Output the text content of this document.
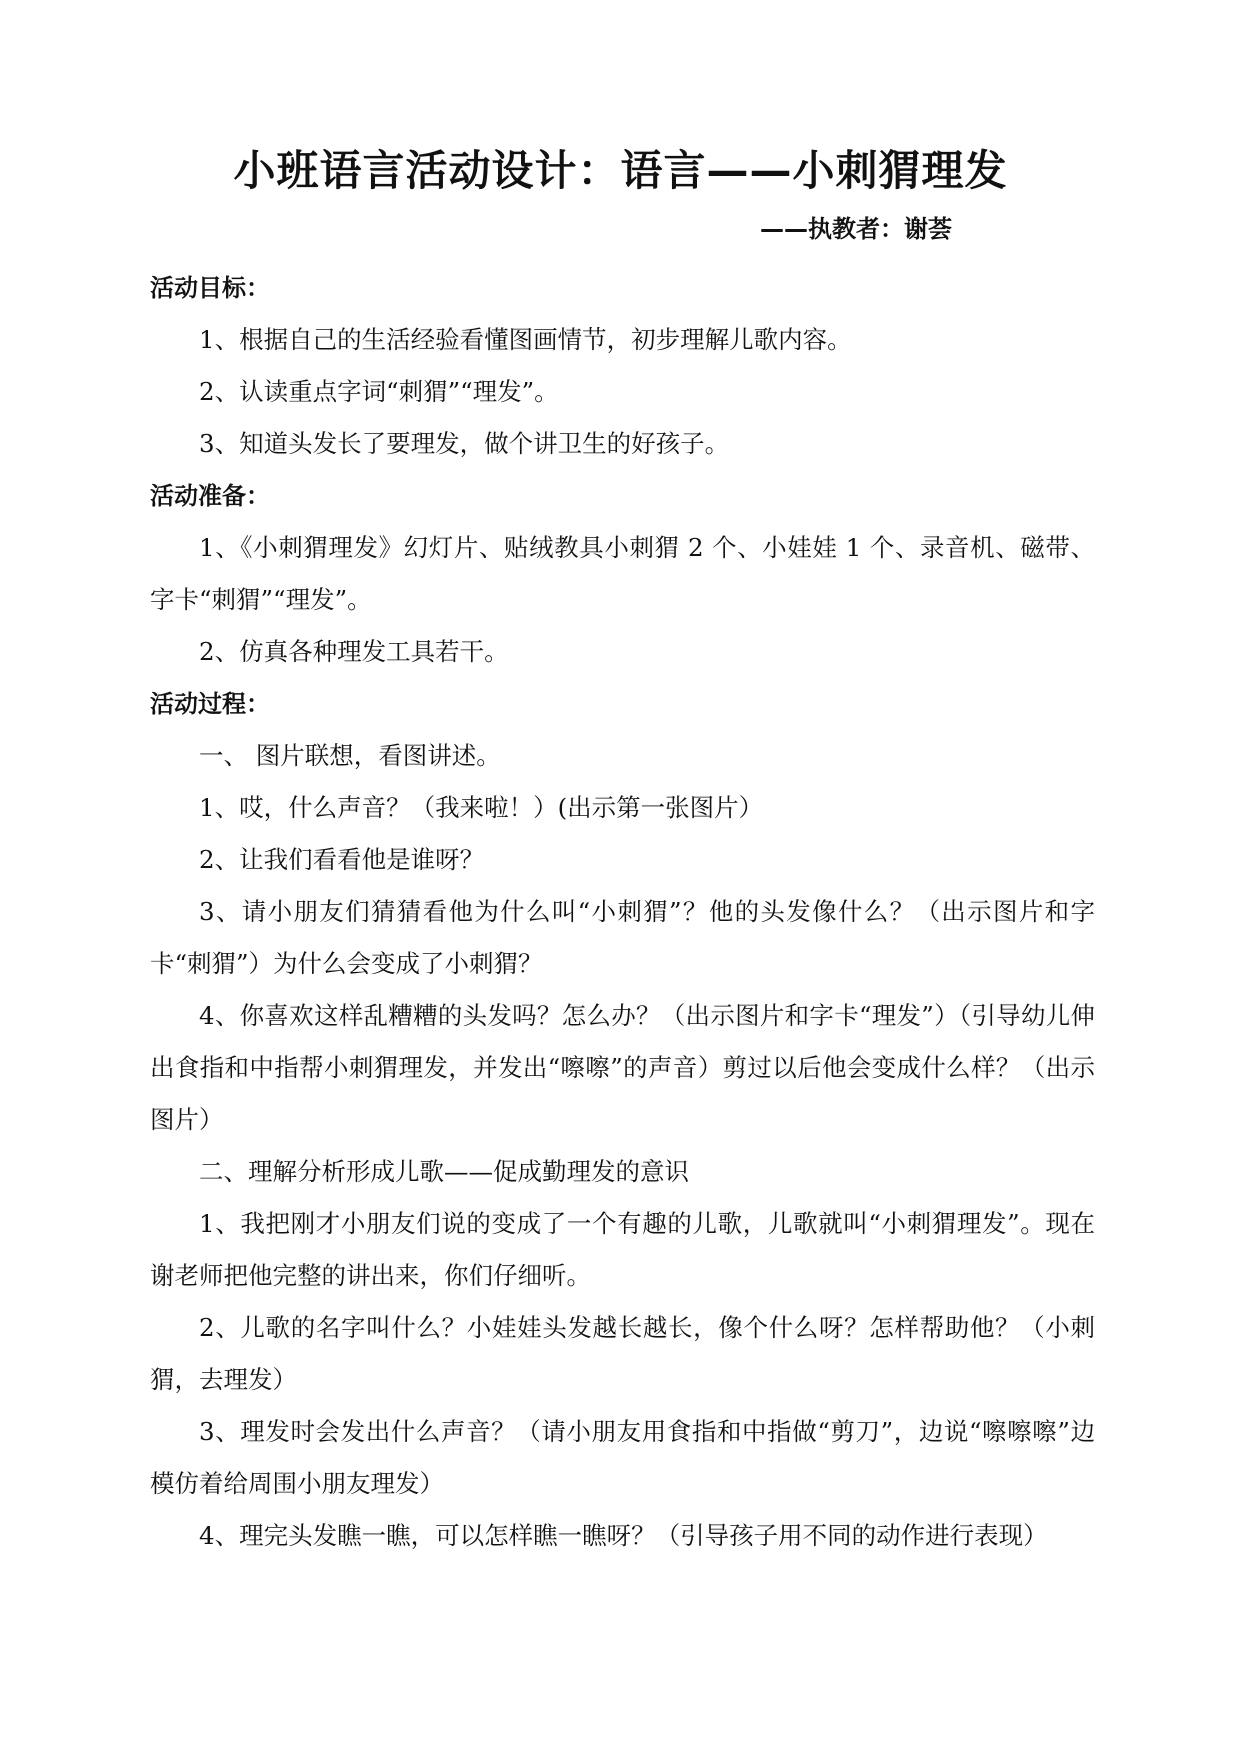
小班语言活动设计：语言——小刺猬理发
——执教者：谢荟
活动目标：

1、根据自己的生活经验看懂图画情节，初步理解儿歌内容。

2、认读重点字词“刺猬”“理发”。

3、知道头发长了要理发，做个讲卫生的好孩子。

活动准备：

1、《小刺猬理发》幻灯片、贴绒教具小刺猬 2 个、小娃娃 1 个、录音机、磁带、字卡“刺猬”“理发”。

2、仿真各种理发工具若干。

活动过程：

一、 图片联想，看图讲述。

1、哎，什么声音？（我来啦！）(出示第一张图片）

2、让我们看看他是谁呀？

3、请小朋友们猜猜看他为什么叫“小刺猬”？他的头发像什么？（出示图片和字卡“刺猬”）为什么会变成了小刺猬？

4、你喜欢这样乱糟糟的头发吗？怎么办？（出示图片和字卡“理发”）（引导幼儿伸出食指和中指帮小刺猬理发，并发出“嚓嚓”的声音）剪过以后他会变成什么样？（出示图片）

二、理解分析形成儿歌——促成勤理发的意识

1、我把刚才小朋友们说的变成了一个有趣的儿歌，儿歌就叫“小刺猬理发”。现在谢老师把他完整的讲出来，你们仔细听。

2、儿歌的名字叫什么？小娃娃头发越长越长，像个什么呀？怎样帮助他？（小刺猬，去理发）

3、理发时会发出什么声音？（请小朋友用食指和中指做“剪刀”，边说“嚓嚓嚓”边模仿着给周围小朋友理发）

4、理完头发瞧一瞧，可以怎样瞧一瞧呀？（引导孩子用不同的动作进行表现）
